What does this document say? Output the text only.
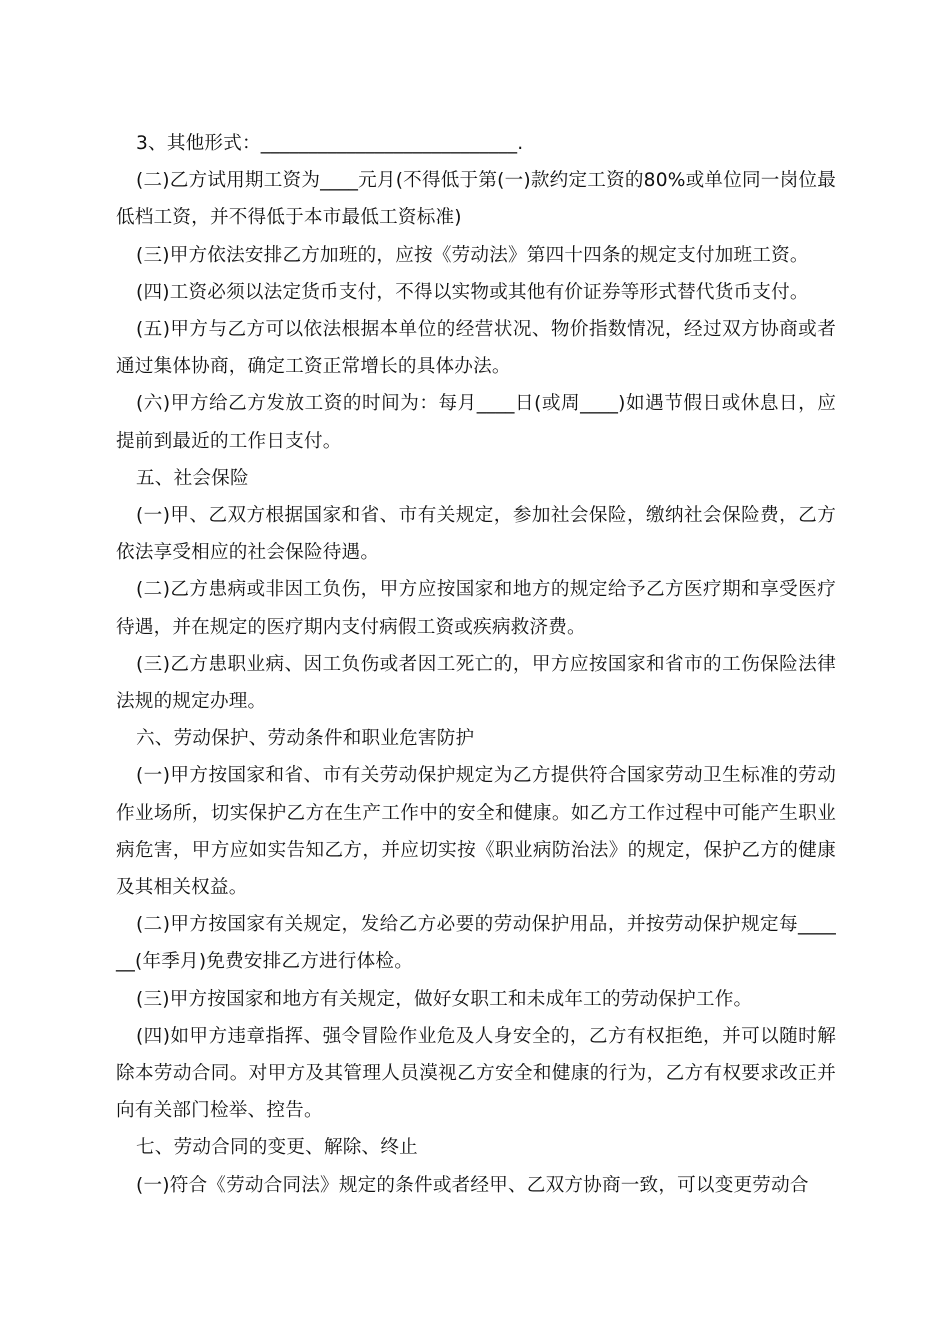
3、其他形式：___________________________.

(二)乙方试用期工资为____元月(不得低于第(一)款约定工资的80%或单位同一岗位最低档工资，并不得低于本市最低工资标准)

(三)甲方依法安排乙方加班的，应按《劳动法》第四十四条的规定支付加班工资。

(四)工资必须以法定货币支付，不得以实物或其他有价证券等形式替代货币支付。

(五)甲方与乙方可以依法根据本单位的经营状况、物价指数情况，经过双方协商或者通过集体协商，确定工资正常增长的具体办法。

(六)甲方给乙方发放工资的时间为：每月____日(或周____)如遇节假日或休息日，应提前到最近的工作日支付。

五、社会保险

(一)甲、乙双方根据国家和省、市有关规定，参加社会保险，缴纳社会保险费，乙方依法享受相应的社会保险待遇。

(二)乙方患病或非因工负伤，甲方应按国家和地方的规定给予乙方医疗期和享受医疗待遇，并在规定的医疗期内支付病假工资或疾病救济费。

(三)乙方患职业病、因工负伤或者因工死亡的，甲方应按国家和省市的工伤保险法律法规的规定办理。

六、劳动保护、劳动条件和职业危害防护

(一)甲方按国家和省、市有关劳动保护规定为乙方提供符合国家劳动卫生标准的劳动作业场所，切实保护乙方在生产工作中的安全和健康。如乙方工作过程中可能产生职业病危害，甲方应如实告知乙方，并应切实按《职业病防治法》的规定，保护乙方的健康及其相关权益。

(二)甲方按国家有关规定，发给乙方必要的劳动保护用品，并按劳动保护规定每______(年季月)免费安排乙方进行体检。

(三)甲方按国家和地方有关规定，做好女职工和未成年工的劳动保护工作。

(四)如甲方违章指挥、强令冒险作业危及人身安全的，乙方有权拒绝，并可以随时解除本劳动合同。对甲方及其管理人员漠视乙方安全和健康的行为，乙方有权要求改正并向有关部门检举、控告。

七、劳动合同的变更、解除、终止

(一)符合《劳动合同法》规定的条件或者经甲、乙双方协商一致，可以变更劳动合
